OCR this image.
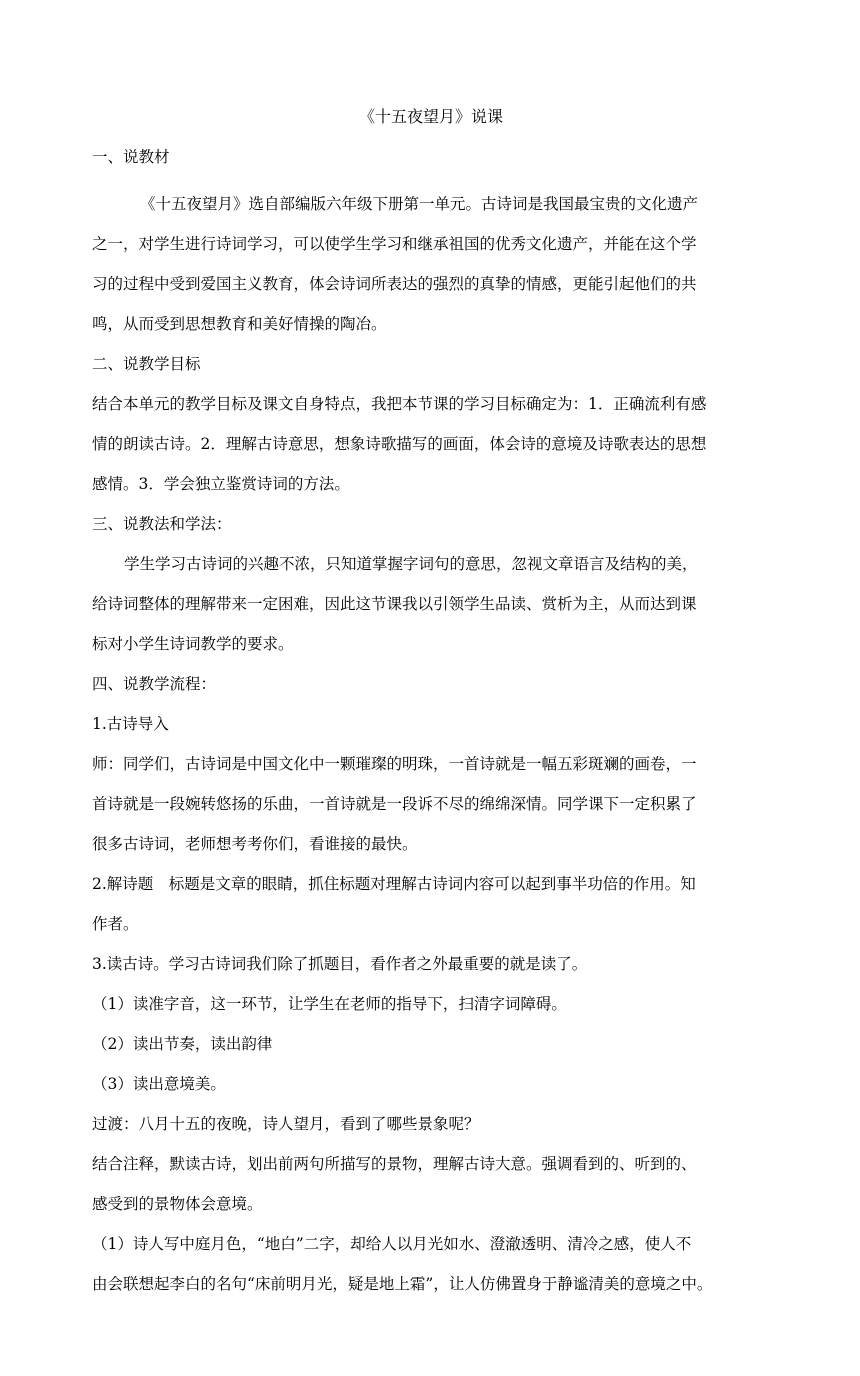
《十五夜望月》说课
一、说教材
《十五夜望月》选自部编版六年级下册第一单元。古诗词是我国最宝贵的文化遗产
之一，对学生进行诗词学习，可以使学生学习和继承祖国的优秀文化遗产，并能在这个学
习的过程中受到爱国主义教育，体会诗词所表达的强烈的真挚的情感，更能引起他们的共
鸣，从而受到思想教育和美好情操的陶冶。
二、说教学目标
结合本单元的教学目标及课文自身特点，我把本节课的学习目标确定为：1．正确流利有感
情的朗读古诗。2．理解古诗意思，想象诗歌描写的画面，体会诗的意境及诗歌表达的思想
感情。3．学会独立鉴赏诗词的方法。
三、说教法和学法：
学生学习古诗词的兴趣不浓，只知道掌握字词句的意思，忽视文章语言及结构的美，
给诗词整体的理解带来一定困难，因此这节课我以引领学生品读、赏析为主，从而达到课
标对小学生诗词教学的要求。
四、说教学流程：
1.古诗导入
师：同学们，古诗词是中国文化中一颗璀璨的明珠，一首诗就是一幅五彩斑斓的画卷，一
首诗就是一段婉转悠扬的乐曲，一首诗就是一段诉不尽的绵绵深情。同学课下一定积累了
很多古诗词，老师想考考你们，看谁接的最快。
2.解诗题　标题是文章的眼睛，抓住标题对理解古诗词内容可以起到事半功倍的作用。知
作者。
3.读古诗。学习古诗词我们除了抓题目，看作者之外最重要的就是读了。
（1）读准字音，这一环节，让学生在老师的指导下，扫清字词障碍。
（2）读出节奏，读出韵律
（3）读出意境美。
过渡：八月十五的夜晚，诗人望月，看到了哪些景象呢？
结合注释，默读古诗，划出前两句所描写的景物，理解古诗大意。强调看到的、听到的、
感受到的景物体会意境。
（1）诗人写中庭月色，“地白”二字，却给人以月光如水、澄澈透明、清冷之感，使人不
由会联想起李白的名句“床前明月光，疑是地上霜”，让人仿佛置身于静谧清美的意境之中。
